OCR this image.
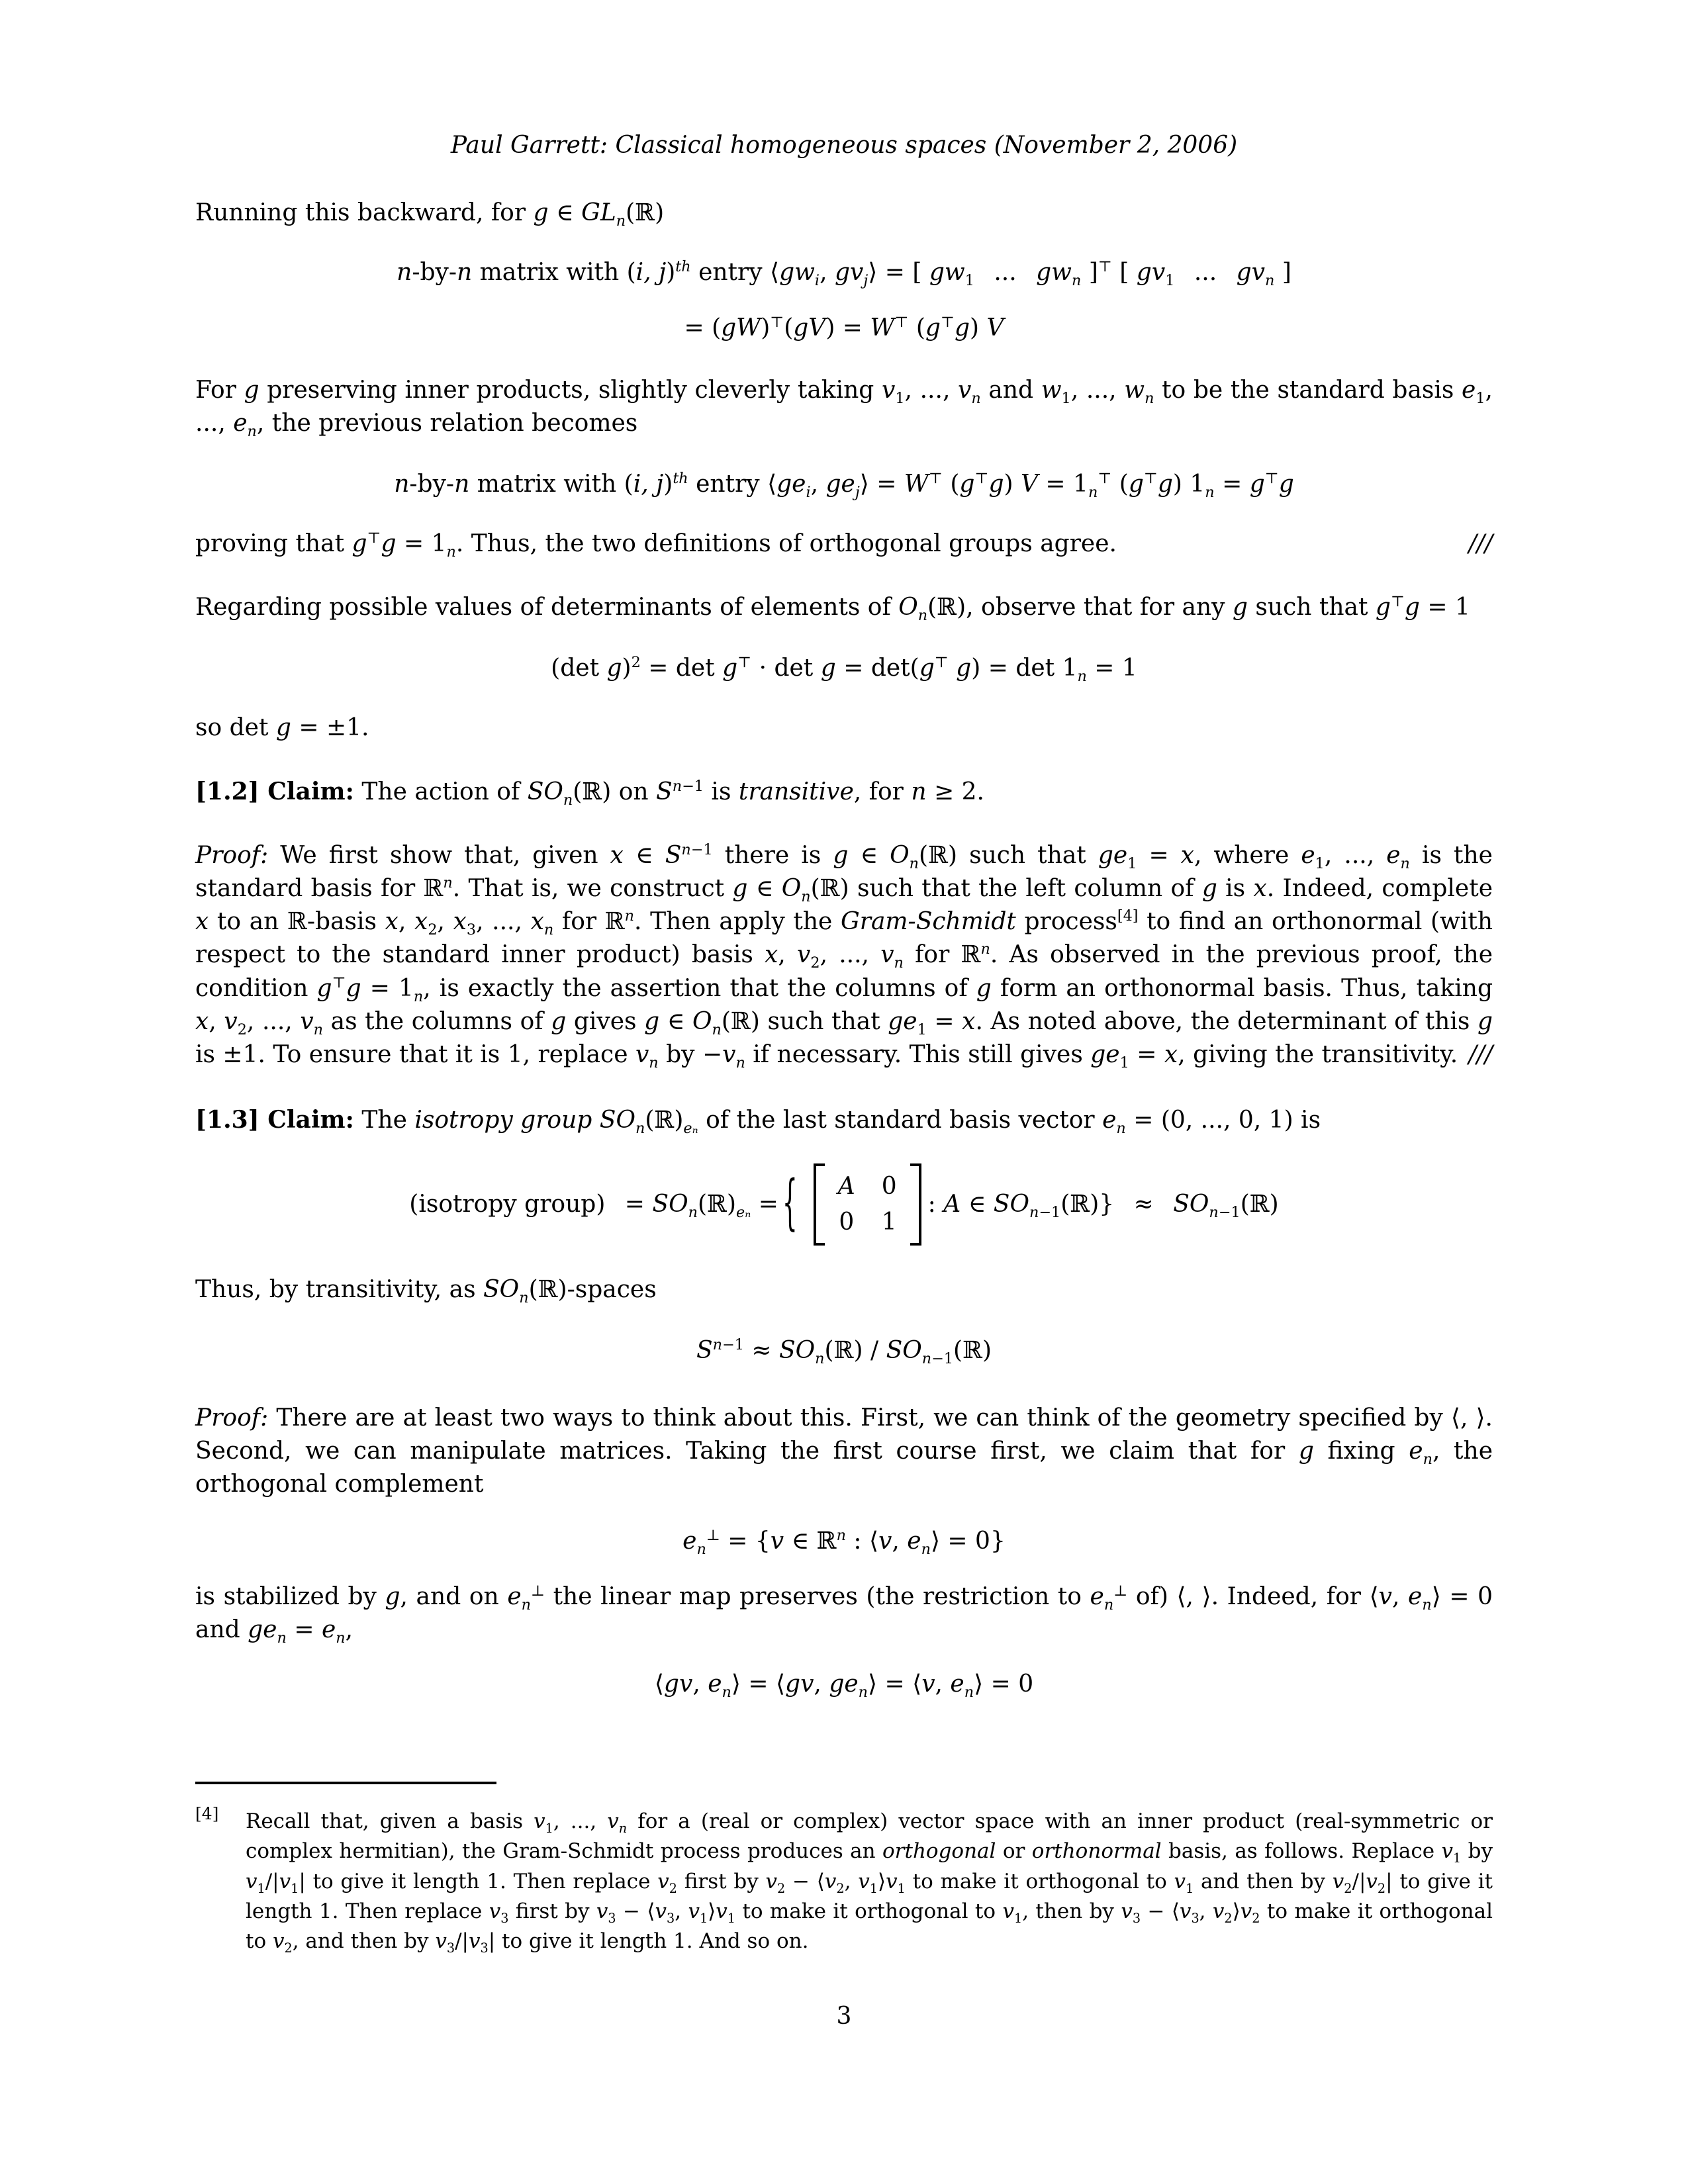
Paul Garrett: Classical homogeneous spaces (November 2, 2006)

Running this backward, for g ∈ $GL_n(ℝ)$

n-by-n matrix with (i, j)$^{th}$ entry $⟨gw_i$, $gv_j⟩$ = [ $gw_1$  ...  $gw_n$ ]⊤ [ $gv_1$  ...  $gv_n$ ]
= (gW)⊤(gV) = W⊤ (g⊤g) V

For g preserving inner products, slightly cleverly taking $v_1$, ..., $v_n$ and $w_1$, ..., $w_n$ to be the standard basis $e_1$, ..., $e_n$, the previous relation becomes

n-by-n matrix with (i, j)$^{th}$ entry $⟨ge_i$, $ge_j⟩ = W^⊤$ (g⊤g) $V = 1_n^⊤$ (g⊤g) $1_n = g^⊤g$

proving that $g^⊤g = 1_n$. Thus, the two definitions of orthogonal groups agree.	///

Regarding possible values of determinants of elements of $O_n(ℝ)$, observe that for any g such that g⊤g = 1

(det g)$^2$ = det g⊤ · det g = det(g⊤ $g) = \det 1_n = 1$

so det g = ±1.

[1.2] Claim: The action of $SO_n(ℝ)$ on $S^{n-1}$ is transitive, for n ≥ 2.

Proof: We first show that, given x ∈ $S^{n-1}$ there is g ∈ $O_n(ℝ)$ such that $ge_1 = x$, where $e_1$, ..., $e_n$ is the standard basis for ℝ$^n$. That is, we construct g ∈ $O_n(ℝ)$ such that the left column of g is x. Indeed, complete x to an ℝ-basis x, $x_2$, $x_3$, ..., $x_n$ for ℝ$^n$. Then apply the Gram-Schmidt process[4] to find an orthonormal (with respect to the standard inner product) basis x, $v_2$, ..., $v_n$ for ℝ$^n$. As observed in the previous proof, the condition $g^⊤g = 1_n$, is exactly the assertion that the columns of g form an orthonormal basis. Thus, taking x, $v_2$, ..., $v_n$ as the columns of g gives g ∈ $O_n(ℝ)$ such that $ge_1 = x$. As noted above, the determinant of this g is ±1. To ensure that it is 1, replace $v_n$ by $-v_n$ if necessary. This still gives $ge_1 = x$, giving the transitivity. ///

[1.3] Claim: The isotropy group $SO_n(ℝ)_{e_n}$ of the last standard basis vector $e_n = (0$, ..., 0, 1) is

(isotropy group)  = $SO_n(ℝ)_{e_n}$ = { A 0
0 1
: A ∈ $SO_{n-1}(ℝ)$}  ≈  $SO_{n-1}(ℝ)$

Thus, by transitivity, as $SO_n(ℝ)$-spaces

$S^{n-1}$ ≈ $SO_n(ℝ)$ / $SO_{n-1}(ℝ)$

Proof: There are at least two ways to think about this. First, we can think of the geometry specified by ⟨, ⟩. Second, we can manipulate matrices. Taking the first course first, we claim that for g fixing $e_n$, the orthogonal complement

$e_n^\perp = \{v$ ∈ ℝ$^n$ : ⟨v, $e_n⟩ = 0$}

is stabilized by g, and on $e_n^\perp$ the linear map preserves (the restriction to $e_n^\perp$ of) ⟨, ⟩. Indeed, for ⟨v, $e_n⟩ = 0$ and $ge_n = e_n$,

⟨gv, $e_n⟩$ = ⟨gv, $ge_n⟩$ = ⟨v, $e_n⟩ = 0$
[4] Recall that, given a basis $v_1$, ..., $v_n$ for a (real or complex) vector space with an inner product (real-symmetric or complex hermitian), the Gram-Schmidt process produces an orthogonal or orthonormal basis, as follows. Replace $v_1$ by $v_1/|v_1|$ to give it length 1. Then replace $v_2$ first by $v_2$ − $⟨v_2$, $v_1⟩v_1$ to make it orthogonal to $v_1$ and then by $v_2/|v_2|$ to give it length 1. Then replace $v_3$ first by $v_3$ − $⟨v_3$, $v_1⟩v_1$ to make it orthogonal to $v_1$, then by $v_3$ − $⟨v_3$, $v_2⟩v_2$ to make it orthogonal to $v_2$, and then by $v_3/|v_3|$ to give it length 1. And so on.
3
